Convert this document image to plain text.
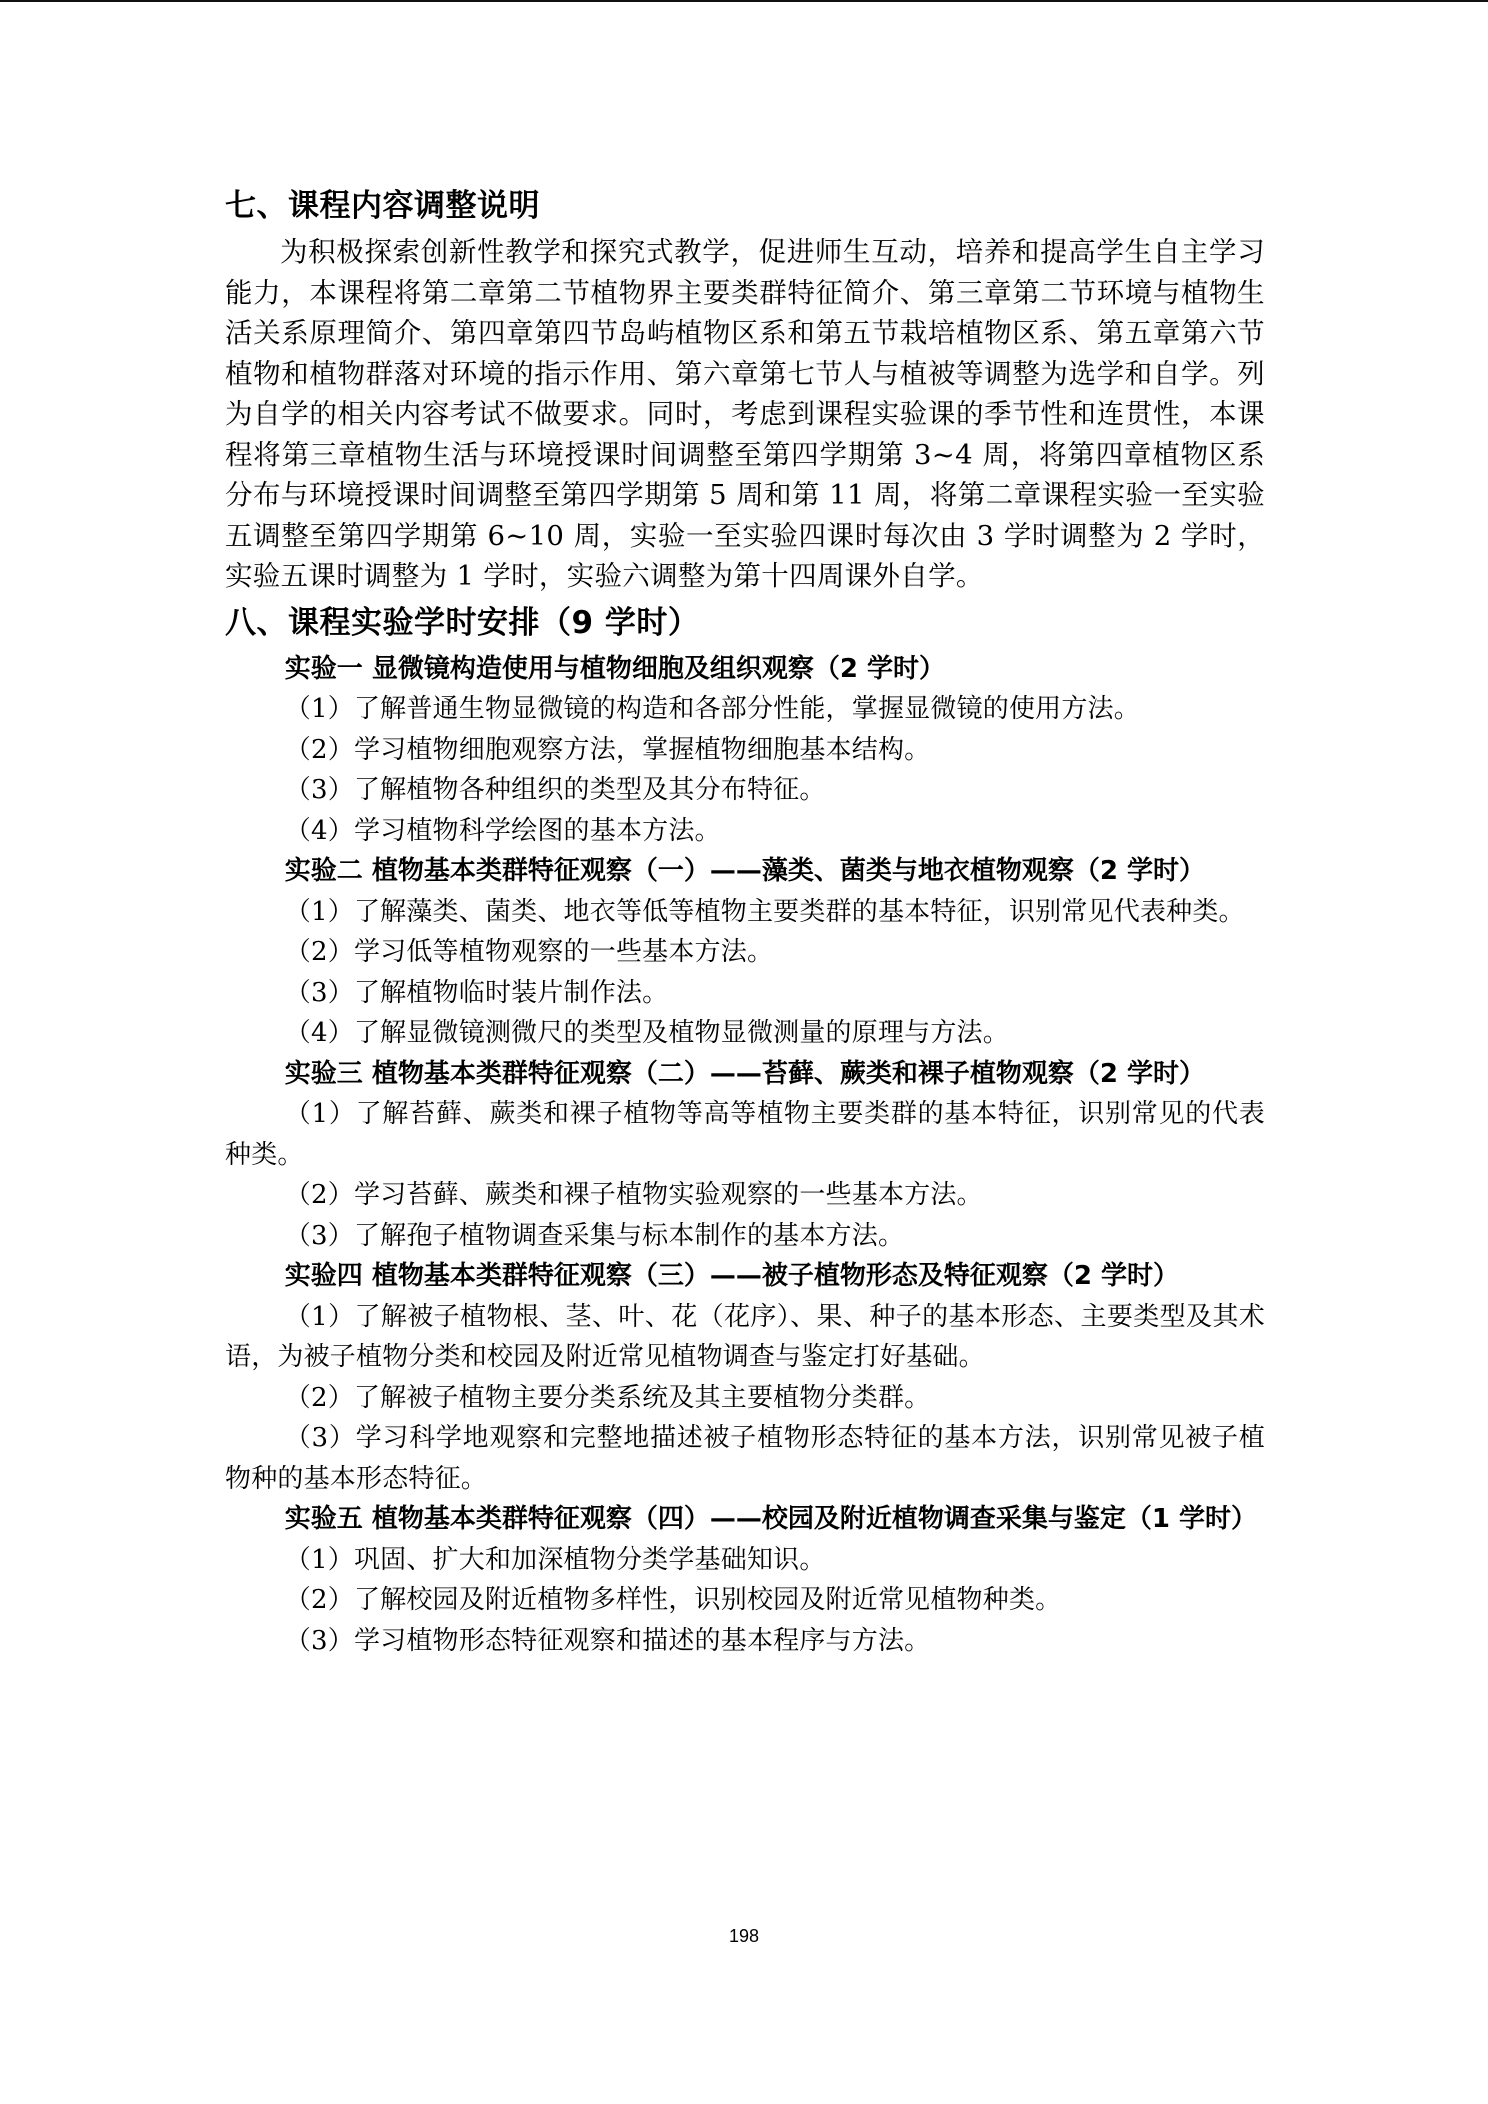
七、课程内容调整说明

为积极探索创新性教学和探究式教学，促进师生互动，培养和提高学生自主学习能力，本课程将第二章第二节植物界主要类群特征简介、第三章第二节环境与植物生活关系原理简介、第四章第四节岛屿植物区系和第五节栽培植物区系、第五章第六节植物和植物群落对环境的指示作用、第六章第七节人与植被等调整为选学和自学。列为自学的相关内容考试不做要求。同时，考虑到课程实验课的季节性和连贯性，本课程将第三章植物生活与环境授课时间调整至第四学期第 3~4 周，将第四章植物区系分布与环境授课时间调整至第四学期第 5 周和第 11 周，将第二章课程实验一至实验五调整至第四学期第 6~10 周，实验一至实验四课时每次由 3 学时调整为 2 学时，实验五课时调整为 1 学时，实验六调整为第十四周课外自学。

八、课程实验学时安排（9 学时）

实验一 显微镜构造使用与植物细胞及组织观察（2 学时）

（1）了解普通生物显微镜的构造和各部分性能，掌握显微镜的使用方法。

（2）学习植物细胞观察方法，掌握植物细胞基本结构。

（3）了解植物各种组织的类型及其分布特征。

（4）学习植物科学绘图的基本方法。

实验二 植物基本类群特征观察（一）——藻类、菌类与地衣植物观察（2 学时）

（1）了解藻类、菌类、地衣等低等植物主要类群的基本特征，识别常见代表种类。

（2）学习低等植物观察的一些基本方法。

（3）了解植物临时装片制作法。

（4）了解显微镜测微尺的类型及植物显微测量的原理与方法。

实验三 植物基本类群特征观察（二）——苔藓、蕨类和裸子植物观察（2 学时）

（1）了解苔藓、蕨类和裸子植物等高等植物主要类群的基本特征，识别常见的代表种类。

（2）学习苔藓、蕨类和裸子植物实验观察的一些基本方法。

（3）了解孢子植物调查采集与标本制作的基本方法。

实验四 植物基本类群特征观察（三）——被子植物形态及特征观察（2 学时）

（1）了解被子植物根、茎、叶、花（花序）、果、种子的基本形态、主要类型及其术语，为被子植物分类和校园及附近常见植物调查与鉴定打好基础。

（2）了解被子植物主要分类系统及其主要植物分类群。

（3）学习科学地观察和完整地描述被子植物形态特征的基本方法，识别常见被子植物种的基本形态特征。

实验五 植物基本类群特征观察（四）——校园及附近植物调查采集与鉴定（1 学时）

（1）巩固、扩大和加深植物分类学基础知识。

（2）了解校园及附近植物多样性，识别校园及附近常见植物种类。

（3）学习植物形态特征观察和描述的基本程序与方法。

198
